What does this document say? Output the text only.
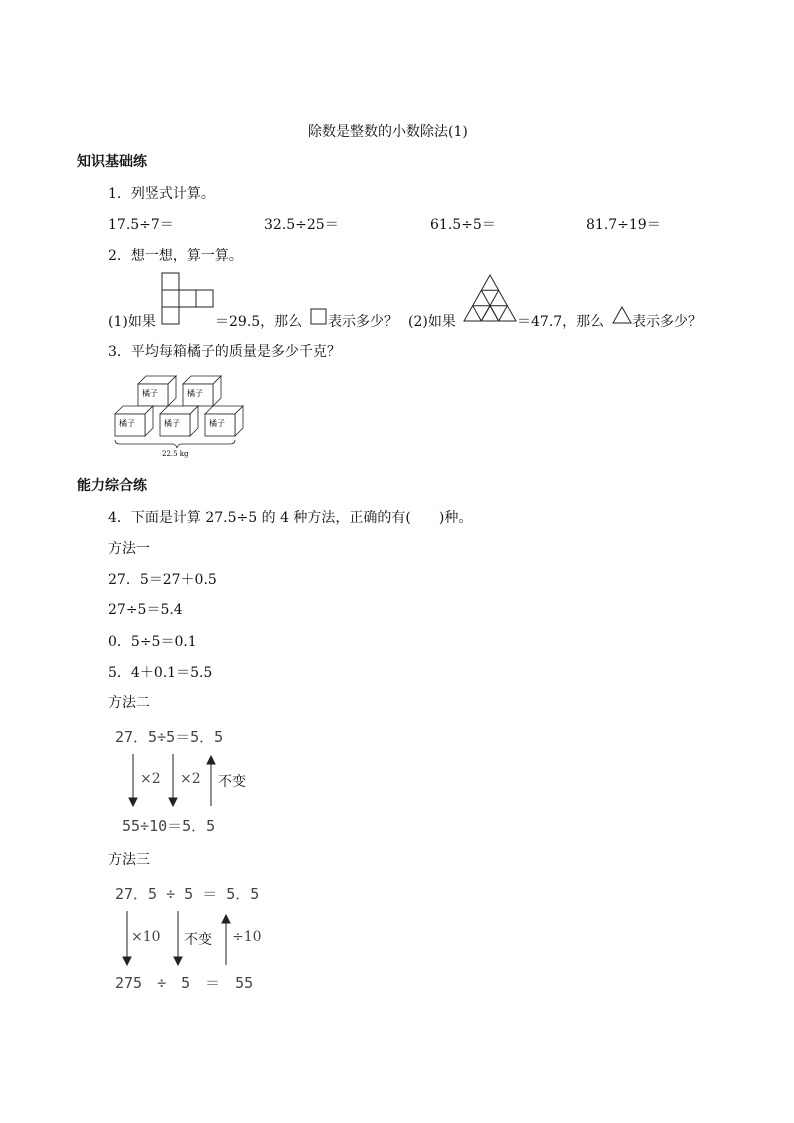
除数是整数的小数除法(1)
知识基础练
1．列竖式计算。
17.5÷7＝	32.5÷25＝	61.5÷5＝	81.7÷19＝
2．想一想，算一算。
(1)如果	＝29.5，那么 表示多少？ (2)如果	＝47.7，那么 表示多少？
3．平均每箱橘子的质量是多少千克？
橘子	橘子
橘子	橘子	橘子
22.5 kg
能力综合练
4．下面是计算 27.5÷5 的 4 种方法，正确的有(　　)种。
方法一
27．5＝27＋0.5
27÷5＝5.4
0．5÷5＝0.1
5．4＋0.1＝5.5
方法二
27．5÷5＝5．5
×2 ×2 不变
55÷10＝5．5
方法三
27．5 ÷ 5 ＝ 5．5
×10 不变 ÷10
275　÷　5　＝　55
